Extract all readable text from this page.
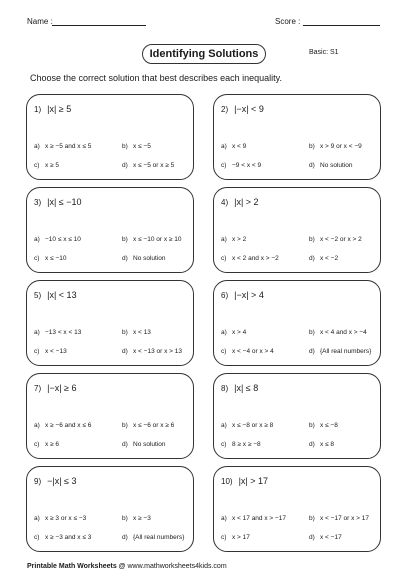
Name :	Score :
Identifying Solutions	Basic: S1
Choose the correct solution that best describes each inequality.
1) |x| ≥ 5
a) x ≥ −5 and x ≤ 5	b) x ≤ −5
c) x ≥ 5	d) x ≤ −5 or x ≥ 5
2) |−x| < 9
a) x < 9	b) x > 9 or x < −9
c) −9 < x < 9	d) No solution
3) |x| ≤ −10
a) −10 ≤ x ≤ 10	b) x ≤ −10 or x ≥ 10
c) x ≤ −10	d) No solution
4) |x| > 2
a) x > 2	b) x < −2 or x > 2
c) x < 2 and x > −2	d) x < −2
5) |x| < 13
a) −13 < x < 13	b) x < 13
c) x < −13	d) x < −13 or x > 13
6) |−x| > 4
a) x > 4	b) x < 4 and x > −4
c) x < −4 or x > 4	d) {All real numbers}
7) |−x| ≥ 6
a) x ≥ −6 and x ≤ 6	b) x ≤ −6 or x ≥ 6
c) x ≥ 6	d) No solution
8) |x| ≤ 8
a) x ≤ −8 or x ≥ 8	b) x ≤ −8
c) 8 ≥ x ≥ −8	d) x ≤ 8
9) −|x| ≤ 3
a) x ≥ 3 or x ≤ −3	b) x ≥ −3
c) x ≥ −3 and x ≤ 3	d) {All real numbers}
10) |x| > 17
a) x < 17 and x > −17	b) x < −17 or x > 17
c) x > 17	d) x < −17
Printable Math Worksheets @ www.mathworksheets4kids.com
